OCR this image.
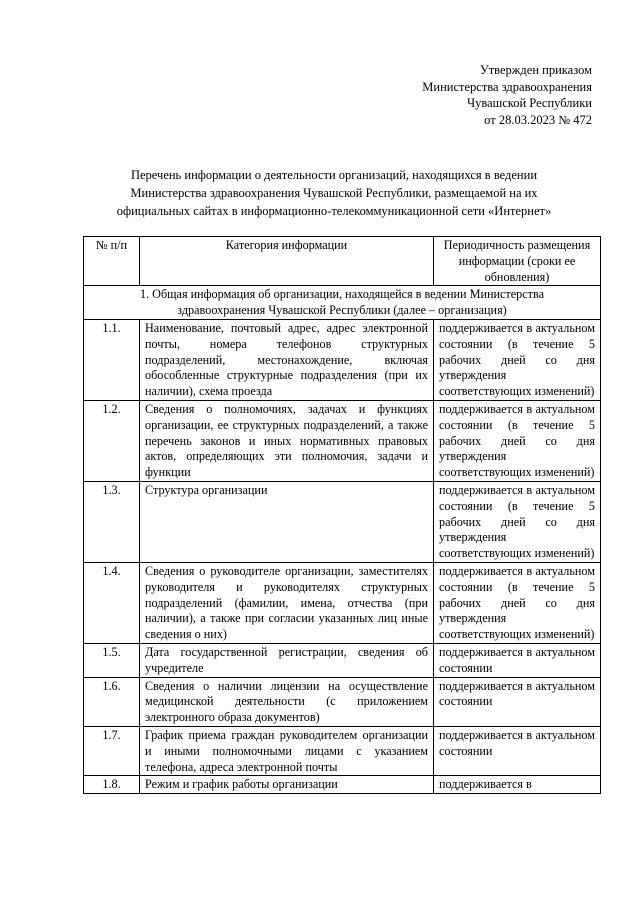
Утвержден приказом
Министерства здравоохранения
Чувашской Республики
от 28.03.2023 № 472
Перечень информации о деятельности организаций, находящихся в ведении
Министерства здравоохранения Чувашской Республики, размещаемой на их
официальных сайтах в информационно-телекоммуникационной сети «Интернет»
№ п/п	Категория информации	Периодичность размещения информации (сроки ее обновления)
1. Общая информация об организации, находящейся в ведении Министерства здравоохранения Чувашской Республики (далее – организация)		
1.1.	Наименование, почтовый адрес, адрес электронной почты, номера телефонов структурных подразделений, местонахождение, включая обособленные структурные подразделения (при их наличии), схема проезда	поддерживается в актуальном состоянии (в течение 5 рабочих дней со дня утверждения соответствующих изменений)
1.2.	Сведения о полномочиях, задачах и функциях организации, ее структурных подразделений, а также перечень законов и иных нормативных правовых актов, определяющих эти полномочия, задачи и функции	поддерживается в актуальном состоянии (в течение 5 рабочих дней со дня утверждения соответствующих изменений)
1.3.	Структура организации	поддерживается в актуальном состоянии (в течение 5 рабочих дней со дня утверждения соответствующих изменений)
1.4.	Сведения о руководителе организации, заместителях руководителя и руководителях структурных подразделений (фамилии, имена, отчества (при наличии), а также при согласии указанных лиц иные сведения о них)	поддерживается в актуальном состоянии (в течение 5 рабочих дней со дня утверждения соответствующих изменений)
1.5.	Дата государственной регистрации, сведения об учредителе	поддерживается в актуальном состоянии
1.6.	Сведения о наличии лицензии на осуществление медицинской деятельности (с приложением электронного образа документов)	поддерживается в актуальном состоянии
1.7.	График приема граждан руководителем организации и иными полномочными лицами с указанием телефона, адреса электронной почты	поддерживается в актуальном состоянии
1.8.	Режим и график работы организации	поддерживается в
